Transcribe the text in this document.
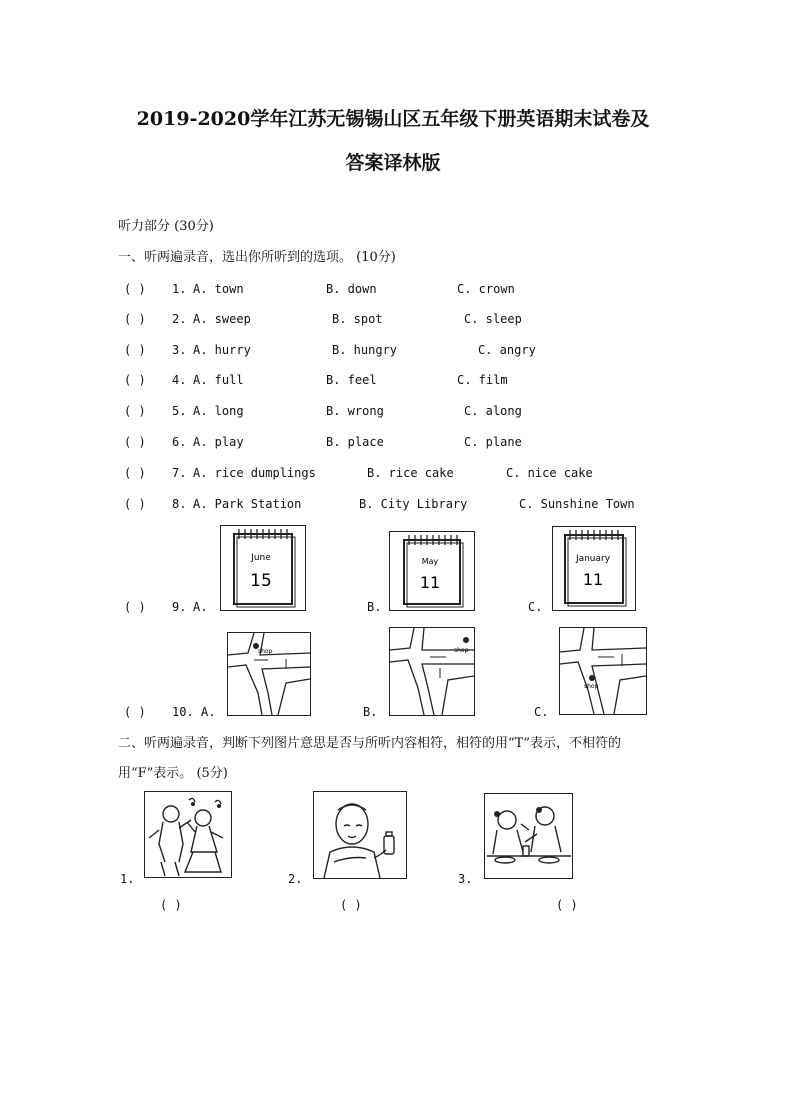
2019-2020学年江苏无锡锡山区五年级下册英语期末试卷及
答案译林版
听力部分 (30分)
一、听两遍录音，选出你所听到的选项。 (10分)
( ) 1. A. town	B. down	C. crown
( ) 2. A. sweep	B. spot	C. sleep
( ) 3. A. hurry	B. hungry	C. angry
( ) 4. A. full	B. feel	C. film
( ) 5. A. long	B. wrong	C. along
( ) 6. A. play	B. place	C. plane
( ) 7. A. rice dumplings	B. rice cake	C. nice cake
( ) 8. A. Park Station	B. City Library	C. Sunshine Town
( ) 9. A.	B.	C.
June
15
May
11
January
11
( ) 10. A.	B.	C.
shop	shop
shop
二、听两遍录音，判断下列图片意思是否与所听内容相符，相符的用“T”表示，不相符的
用“F”表示。 (5分)
1.	2.	3.
( )	( )	( )
